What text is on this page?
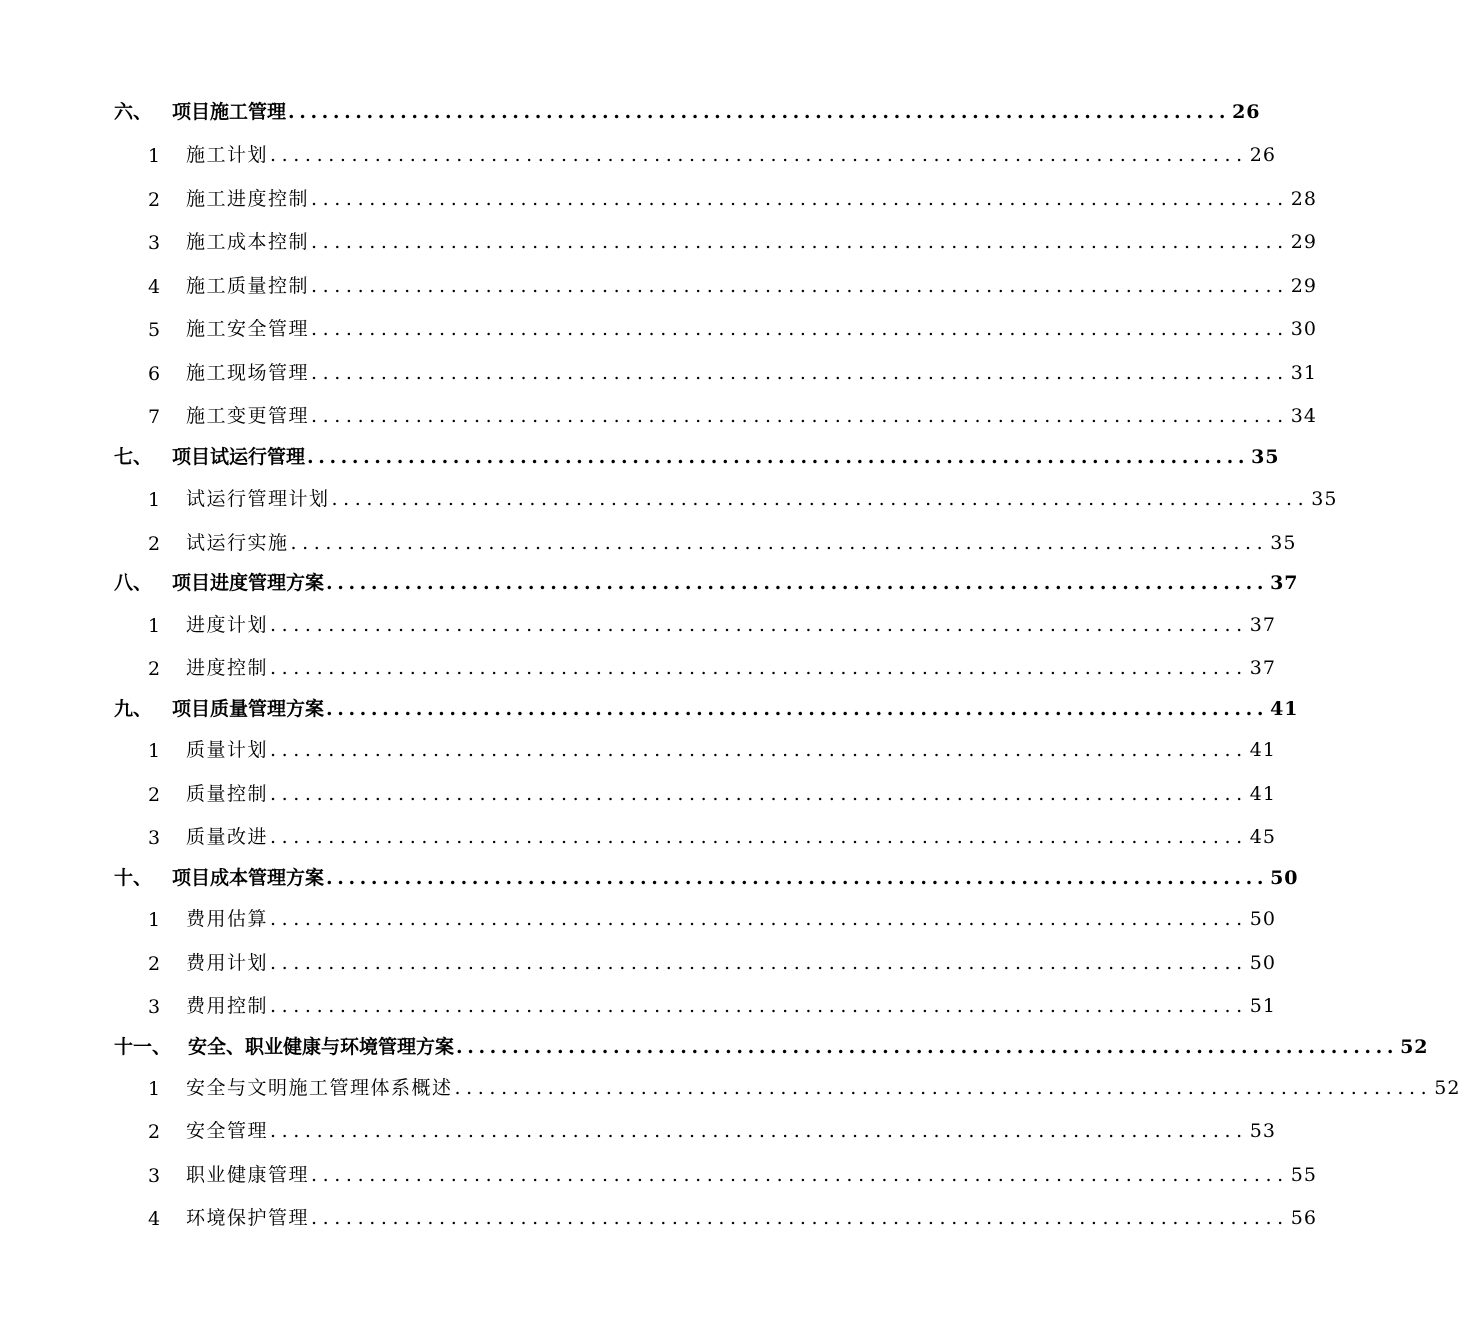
六、 项目施工管理 .................................................................................... 26
1 施工计划 .................................................................................... 26
2 施工进度控制 .................................................................................... 28
3 施工成本控制 .................................................................................... 29
4 施工质量控制 .................................................................................... 29
5 施工安全管理 .................................................................................... 30
6 施工现场管理 .................................................................................... 31
7 施工变更管理 .................................................................................... 34
七、 项目试运行管理 .................................................................................... 35
1 试运行管理计划 .................................................................................... 35
2 试运行实施 .................................................................................... 35
八、 项目进度管理方案 .................................................................................... 37
1 进度计划 .................................................................................... 37
2 进度控制 .................................................................................... 37
九、 项目质量管理方案 .................................................................................... 41
1 质量计划 .................................................................................... 41
2 质量控制 .................................................................................... 41
3 质量改进 .................................................................................... 45
十、 项目成本管理方案 .................................................................................... 50
1 费用估算 .................................................................................... 50
2 费用计划 .................................................................................... 50
3 费用控制 .................................................................................... 51
十一、 安全、职业健康与环境管理方案 .................................................................................... 52
1 安全与文明施工管理体系概述 .................................................................................... 52
2 安全管理 .................................................................................... 53
3 职业健康管理 .................................................................................... 55
4 环境保护管理 .................................................................................... 56
